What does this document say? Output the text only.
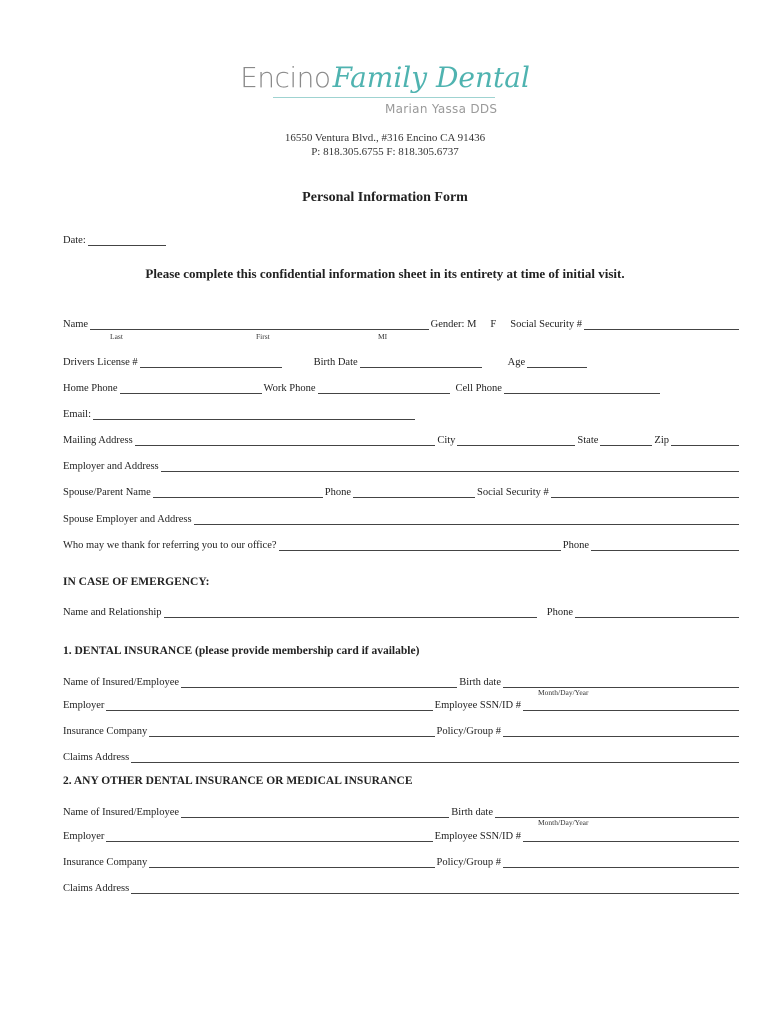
EncinoFamily Dental
Marian Yassa DDS
16550 Ventura Blvd., #316 Encino CA 91436
P: 818.305.6755 F: 818.305.6737
Personal Information Form
Date:
Please complete this confidential information sheet in its entirety at time of initial visit.
Name	Gender: M F Social Security #
Last	First	MI
Drivers License #	Birth Date	Age
Home Phone	Work Phone	Cell Phone
Email:
Mailing Address	City	State	Zip
Employer and Address
Spouse/Parent Name	Phone	Social Security #
Spouse Employer and Address
Who may we thank for referring you to our office?	Phone
IN CASE OF EMERGENCY:
Name and Relationship	Phone
1. DENTAL INSURANCE (please provide membership card if available)
Name of Insured/Employee	Birth date
Month/Day/Year
Employer	Employee SSN/ID #
Insurance Company	Policy/Group #
Claims Address
2. ANY OTHER DENTAL INSURANCE OR MEDICAL INSURANCE
Name of Insured/Employee	Birth date
Month/Day/Year
Employer	Employee SSN/ID #
Insurance Company	Policy/Group #
Claims Address
